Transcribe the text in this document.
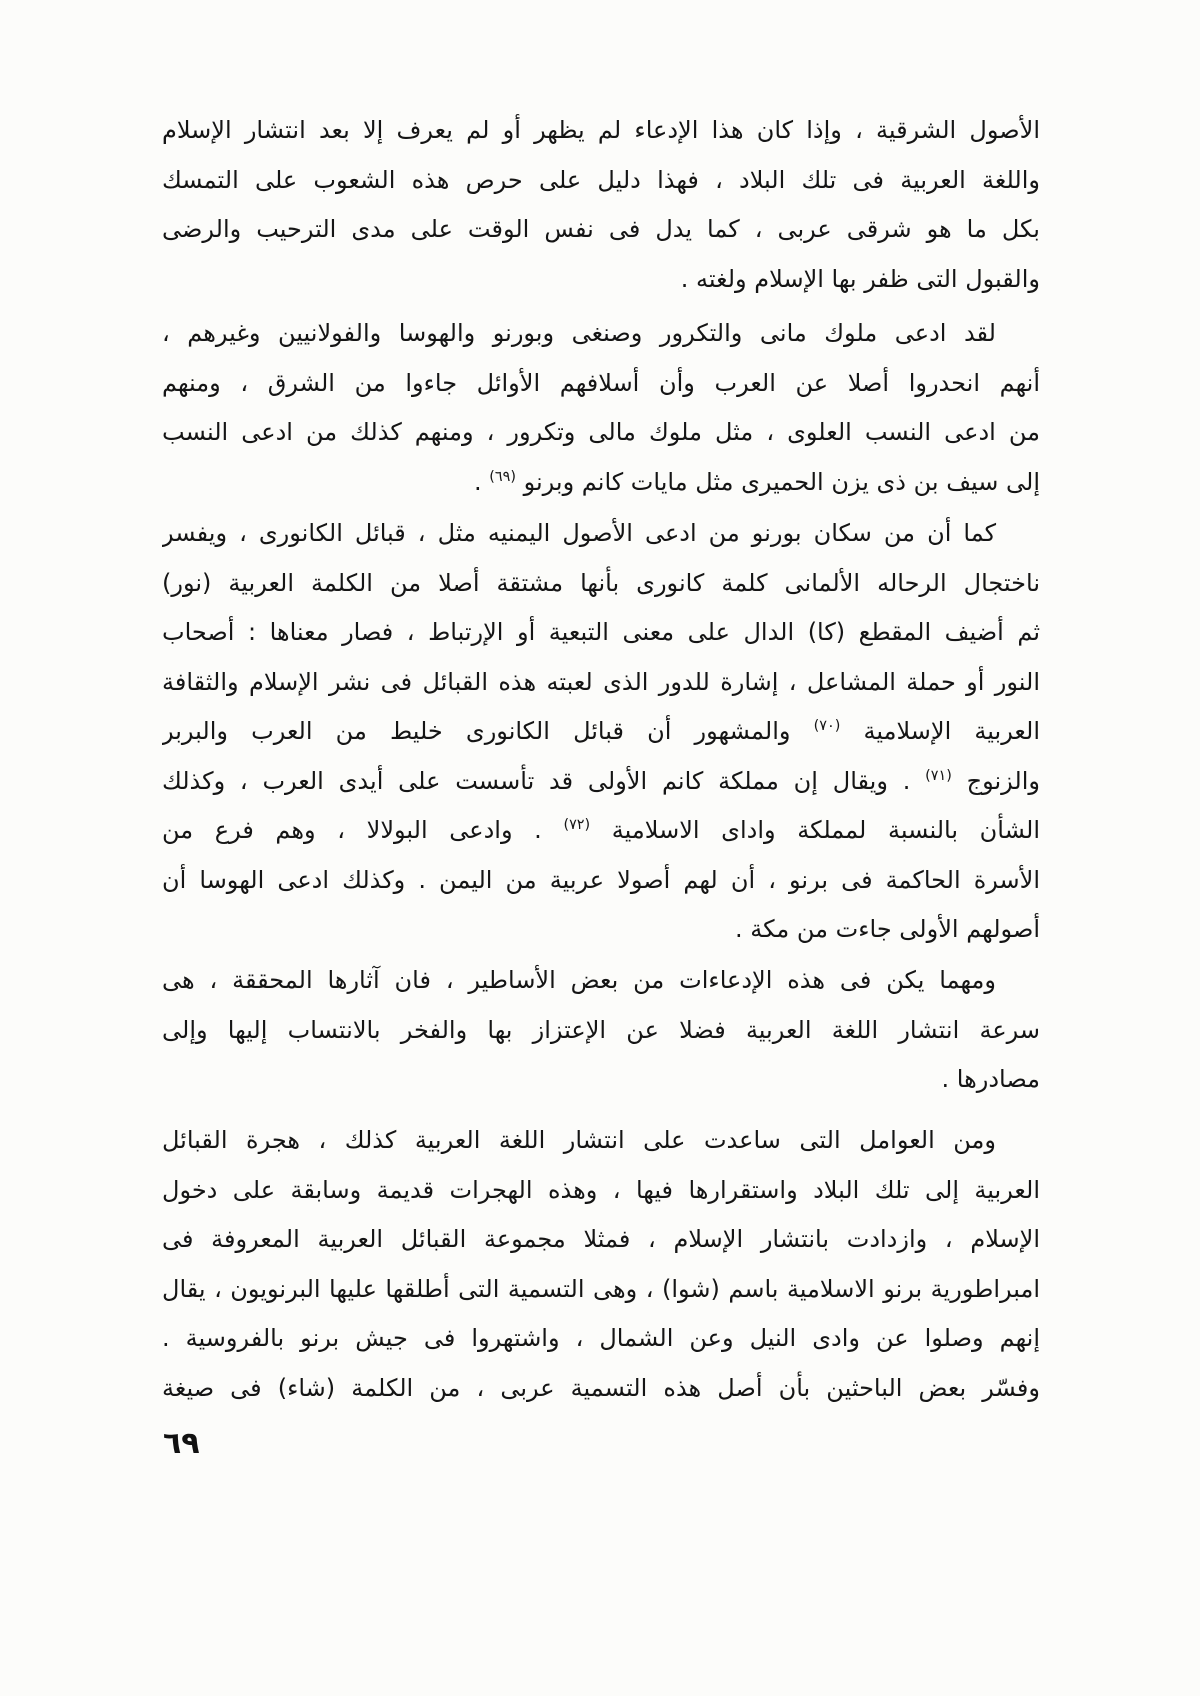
الأصول الشرقية ، وإذا كان هذا الإدعاء لم يظهر أو لم يعرف إلا بعد انتشار الإسلام
واللغة العربية فى تلك البلاد ، فهذا دليل على حرص هذه الشعوب على التمسك
بكل ما هو شرقى عربى ، كما يدل فى نفس الوقت على مدى الترحيب والرضى
والقبول التى ظفر بها الإسلام ولغته .
لقد ادعى ملوك مانى والتكرور وصنغى وبورنو والهوسا والفولانيين وغيرهم ،
أنهم انحدروا أصلا عن العرب وأن أسلافهم الأوائل جاءوا من الشرق ، ومنهم
من ادعى النسب العلوى ، مثل ملوك مالى وتكرور ، ومنهم كذلك من ادعى النسب
إلى سيف بن ذى يزن الحميرى مثل مايات كانم وبرنو $^{(٦٩)}$ .
كما أن من سكان بورنو من ادعى الأصول اليمنيه مثل ، قبائل الكانورى ، ويفسر
ناختجال الرحاله الألمانى كلمة كانورى بأنها مشتقة أصلا من الكلمة العربية (نور)
ثم أضيف المقطع (كا) الدال على معنى التبعية أو الإرتباط ، فصار معناها : أصحاب
النور أو حملة المشاعل ، إشارة للدور الذى لعبته هذه القبائل فى نشر الإسلام والثقافة
العربية الإسلامية $^{(٧٠)}$ والمشهور أن قبائل الكانورى خليط من العرب والبربر
والزنوج $^{(٧١)}$ . ويقال إن مملكة كانم الأولى قد تأسست على أيدى العرب ، وكذلك
الشأن بالنسبة لمملكة واداى الاسلامية $^{(٧٢)}$ . وادعى البولالا ، وهم فرع من
الأسرة الحاكمة فى برنو ، أن لهم أصولا عربية من اليمن . وكذلك ادعى الهوسا أن
أصولهم الأولى جاءت من مكة .
ومهما يكن فى هذه الإدعاءات من بعض الأساطير ، فان آثارها المحققة ، هى
سرعة انتشار اللغة العربية فضلا عن الإعتزاز بها والفخر بالانتساب إليها وإلى
مصادرها .
ومن العوامل التى ساعدت على انتشار اللغة العربية كذلك ، هجرة القبائل
العربية إلى تلك البلاد واستقرارها فيها ، وهذه الهجرات قديمة وسابقة على دخول
الإسلام ، وازدادت بانتشار الإسلام ، فمثلا مجموعة القبائل العربية المعروفة فى
امبراطورية برنو الاسلامية باسم (شوا) ، وهى التسمية التى أطلقها عليها البرنويون ، يقال
إنهم وصلوا عن وادى النيل وعن الشمال ، واشتهروا فى جيش برنو بالفروسية .
وفسّر بعض الباحثين بأن أصل هذه التسمية عربى ، من الكلمة (شاء) فى صيغة
٦٩
